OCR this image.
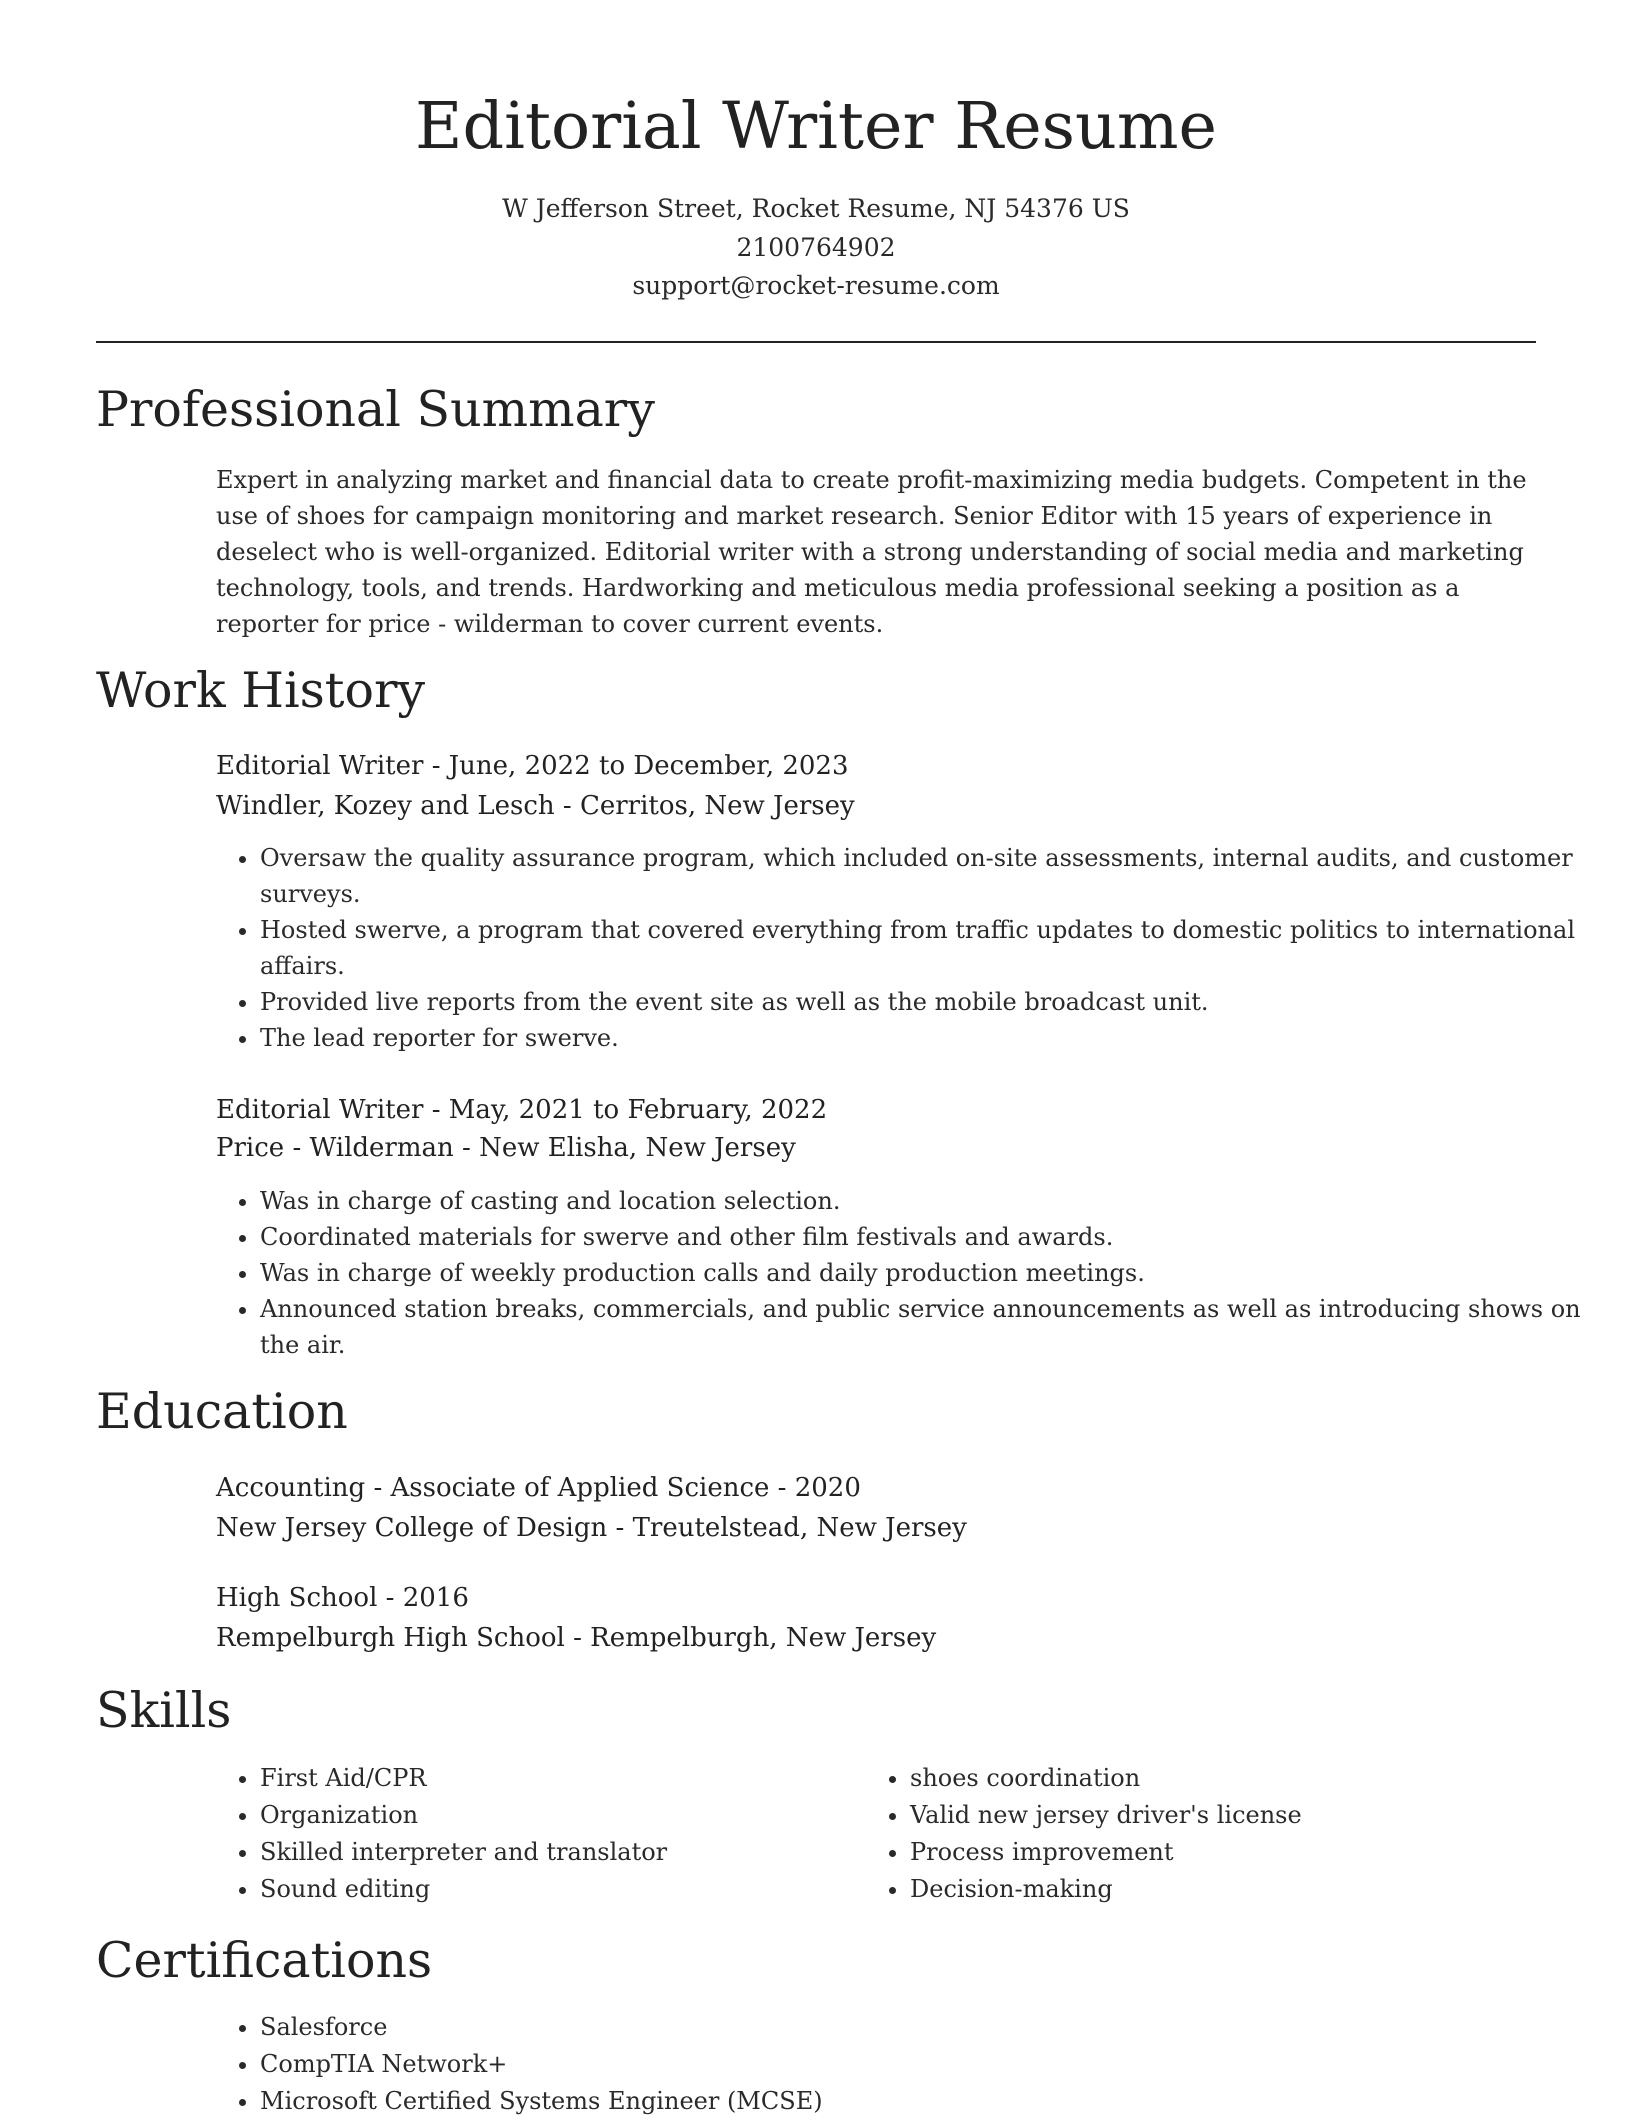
Editorial Writer Resume
W Jefferson Street, Rocket Resume, NJ 54376 US
2100764902
support@rocket-resume.com
Professional Summary

Expert in analyzing market and financial data to create profit-maximizing media budgets. Competent in the use of shoes for campaign monitoring and market research. Senior Editor with 15 years of experience in deselect who is well-organized. Editorial writer with a strong understanding of social media and marketing technology, tools, and trends. Hardworking and meticulous media professional seeking a position as a reporter for price - wilderman to cover current events.

Work History
Editorial Writer - June, 2022 to December, 2023
Windler, Kozey and Lesch - Cerritos, New Jersey
• Oversaw the quality assurance program, which included on-site assessments, internal audits, and customer surveys.
• Hosted swerve, a program that covered everything from traffic updates to domestic politics to international affairs.
• Provided live reports from the event site as well as the mobile broadcast unit.
• The lead reporter for swerve.
Editorial Writer - May, 2021 to February, 2022
Price - Wilderman - New Elisha, New Jersey
• Was in charge of casting and location selection.
• Coordinated materials for swerve and other film festivals and awards.
• Was in charge of weekly production calls and daily production meetings.
• Announced station breaks, commercials, and public service announcements as well as introducing shows on the air.
Education
Accounting - Associate of Applied Science - 2020
New Jersey College of Design - Treutelstead, New Jersey
High School - 2016
Rempelburgh High School - Rempelburgh, New Jersey
Skills
• First Aid/CPR
• Organization
• Skilled interpreter and translator
• Sound editing
• shoes coordination
• Valid new jersey driver's license
• Process improvement
• Decision-making
Certifications
• Salesforce
• CompTIA Network+
• Microsoft Certified Systems Engineer (MCSE)
